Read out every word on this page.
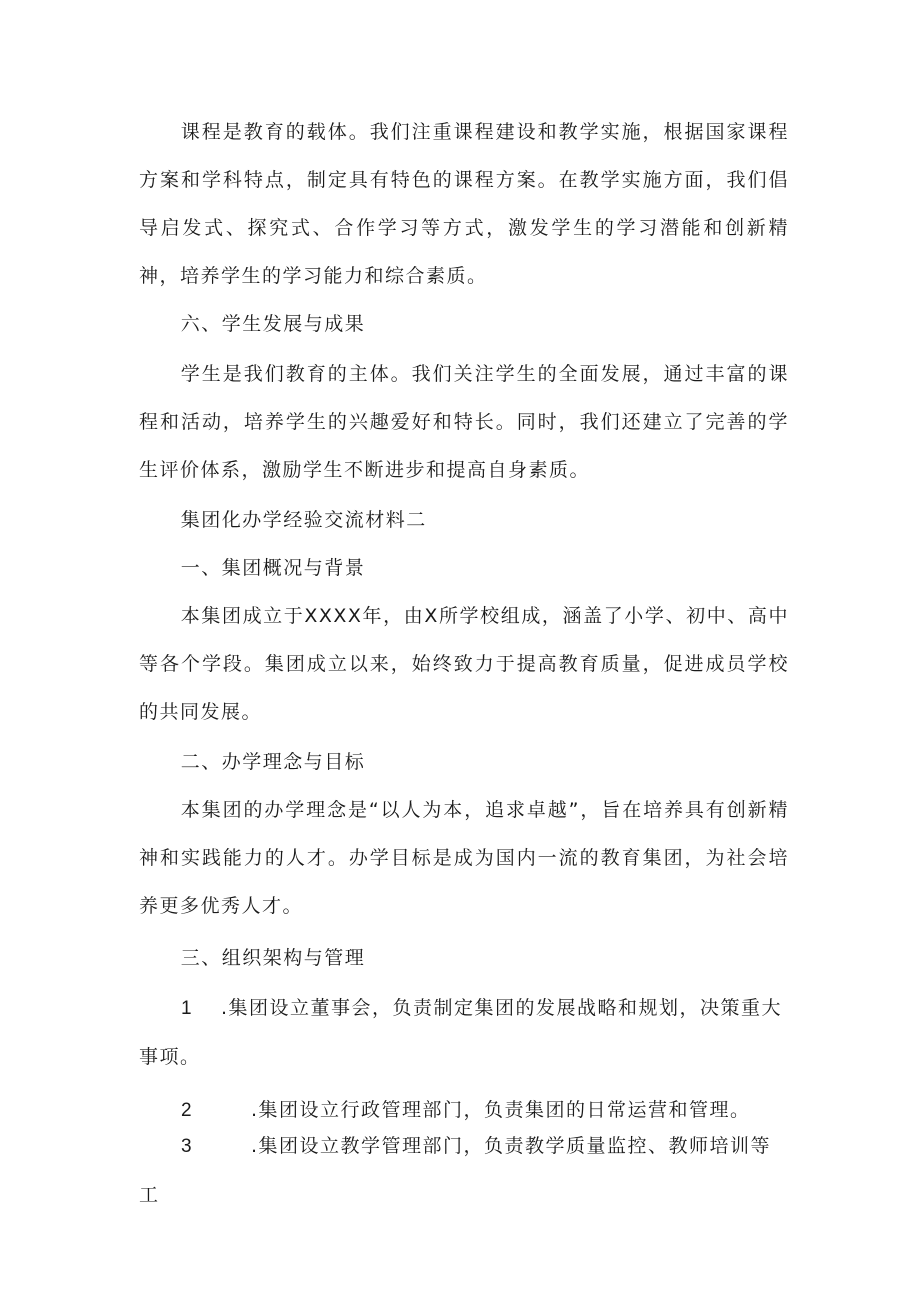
课程是教育的载体。我们注重课程建设和教学实施，根据国家课程方案和学科特点，制定具有特色的课程方案。在教学实施方面，我们倡导启发式、探究式、合作学习等方式，激发学生的学习潜能和创新精神，培养学生的学习能力和综合素质。

六、学生发展与成果

学生是我们教育的主体。我们关注学生的全面发展，通过丰富的课程和活动，培养学生的兴趣爱好和特长。同时，我们还建立了完善的学生评价体系，激励学生不断进步和提高自身素质。

集团化办学经验交流材料二

一、集团概况与背景

本集团成立于XXXX年，由X所学校组成，涵盖了小学、初中、高中等各个学段。集团成立以来，始终致力于提高教育质量，促进成员学校的共同发展。

二、办学理念与目标

本集团的办学理念是“以人为本，追求卓越”，旨在培养具有创新精神和实践能力的人才。办学目标是成为国内一流的教育集团，为社会培养更多优秀人才。

三、组织架构与管理

1 .集团设立董事会，负责制定集团的发展战略和规划，决策重大事项。
2	.集团设立行政管理部门，负责集团的日常运营和管理。
3	.集团设立教学管理部门，负责教学质量监控、教师培训等工
